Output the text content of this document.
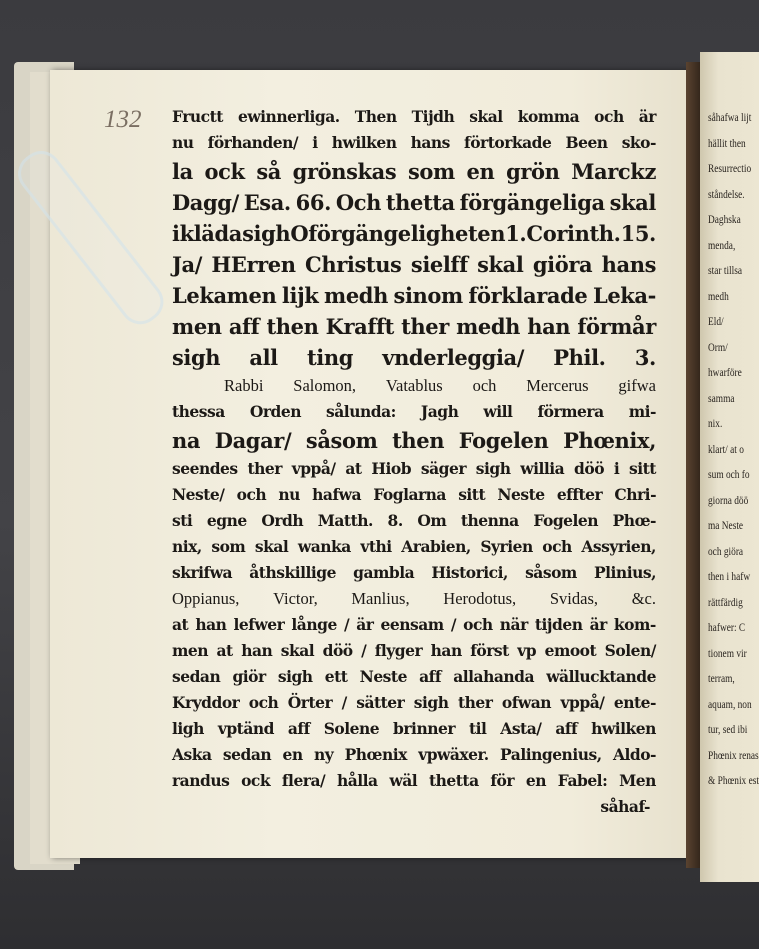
såhafwa lijt
hällit then
Resurrectio
ståndelse.
Daghska
menda,
star tillsa
medh
Eld/
Orm/
hwarföre
samma
nix.
klart/ at o
sum och fo
giorna döö
ma Neste
och giöra
then i hafw
rättfärdig
hafwer: C
tionem vir
terram,
aquam, non
tur, sed ibi
Phœnix renas
& Phœnix est
132 Fructt ewinnerliga. Then Tijdh skal komma och är
nu förhanden/ i hwilken hans förtorkade Been sko-
la ock så grönskas som en grön Marckz
Dagg/ Esa. 66. Och thetta förgängeliga skal
ikläda sigh Oförgängeligheten 1. Corinth. 15.
Ja/ HErren Christus sielff skal giöra hans
Lekamen lijk medh sinom förklarade Leka-
men aff then Krafft ther medh han förmår
sigh all ting vnderleggia/ Phil. 3.
Rabbi Salomon, Vatablus och Mercerus gifwa
thessa Orden sålunda: Jagh will förmera mi-
na Dagar/ såsom then Fogelen Phœnix,
seendes ther vppå/ at Hiob säger sigh willia döö i sitt
Neste/ och nu hafwa Foglarna sitt Neste effter Chri-
sti egne Ordh Matth. 8. Om thenna Fogelen Phœ-
nix, som skal wanka vthi Arabien, Syrien och Assyrien,
skrifwa åthskillige gambla Historici, såsom Plinius,
Oppianus, Victor, Manlius, Herodotus, Svidas, &c.
at han lefwer långe / är eensam / och när tijden är kom-
men at han skal döö / flyger han först vp emoot Solen/
sedan giör sigh ett Neste aff allahanda wällucktande
Kryddor och Örter / sätter sigh ther ofwan vppå/ ente-
ligh vptänd aff Solene brinner til Asta/ aff hwilken
Aska sedan en ny Phœnix vpwäxer. Palingenius, Aldo-
randus ock flera/ hålla wäl thetta för en Fabel: Men
såhaf-
